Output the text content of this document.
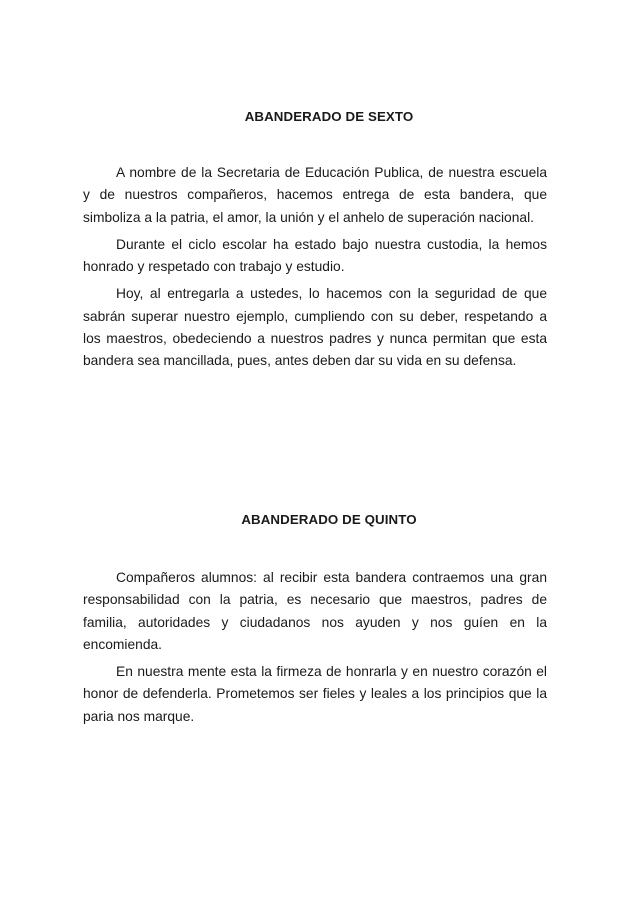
ABANDERADO DE SEXTO

A nombre de la Secretaria de Educación Publica, de nuestra escuela y de nuestros compañeros, hacemos entrega de esta bandera, que simboliza a la patria, el amor, la unión y el anhelo de superación nacional.

Durante el ciclo escolar ha estado bajo nuestra custodia, la hemos honrado y respetado con trabajo y estudio.

Hoy, al entregarla a ustedes, lo hacemos con la seguridad de que sabrán superar nuestro ejemplo, cumpliendo con su deber, respetando a los maestros, obedeciendo a nuestros padres y nunca permitan que esta bandera sea mancillada, pues, antes deben dar su vida en su defensa.

ABANDERADO DE QUINTO

Compañeros alumnos: al recibir esta bandera contraemos una gran responsabilidad con la patria, es necesario que maestros, padres de familia, autoridades y ciudadanos nos ayuden y nos guíen en la encomienda.

En nuestra mente esta la firmeza de honrarla y en nuestro corazón el honor de defenderla. Prometemos ser fieles y leales a los principios que la paria nos marque.
